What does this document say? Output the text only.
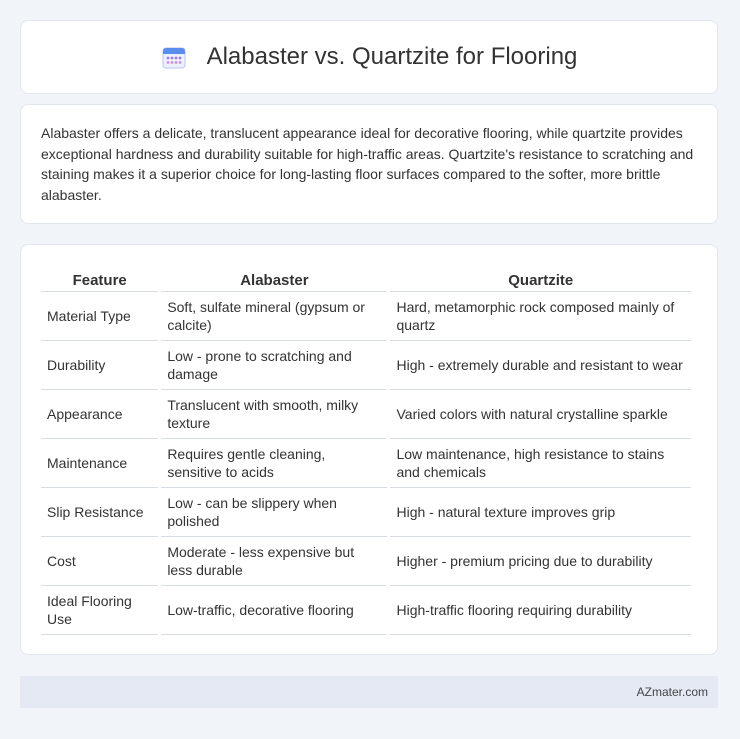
Alabaster vs. Quartzite for Flooring

Alabaster offers a delicate, translucent appearance ideal for decorative flooring, while quartzite provides exceptional hardness and durability suitable for high-traffic areas. Quartzite's resistance to scratching and staining makes it a superior choice for long-lasting floor surfaces compared to the softer, more brittle alabaster.

Feature	Alabaster	Quartzite
Material Type	Soft, sulfate mineral (gypsum or calcite)	Hard, metamorphic rock composed mainly of quartz
Durability	Low - prone to scratching and damage	High - extremely durable and resistant to wear
Appearance	Translucent with smooth, milky texture	Varied colors with natural crystalline sparkle
Maintenance	Requires gentle cleaning, sensitive to acids	Low maintenance, high resistance to stains and chemicals
Slip Resistance	Low - can be slippery when polished	High - natural texture improves grip
Cost	Moderate - less expensive but less durable	Higher - premium pricing due to durability
Ideal Flooring Use	Low-traffic, decorative flooring	High-traffic flooring requiring durability
AZmater.com
